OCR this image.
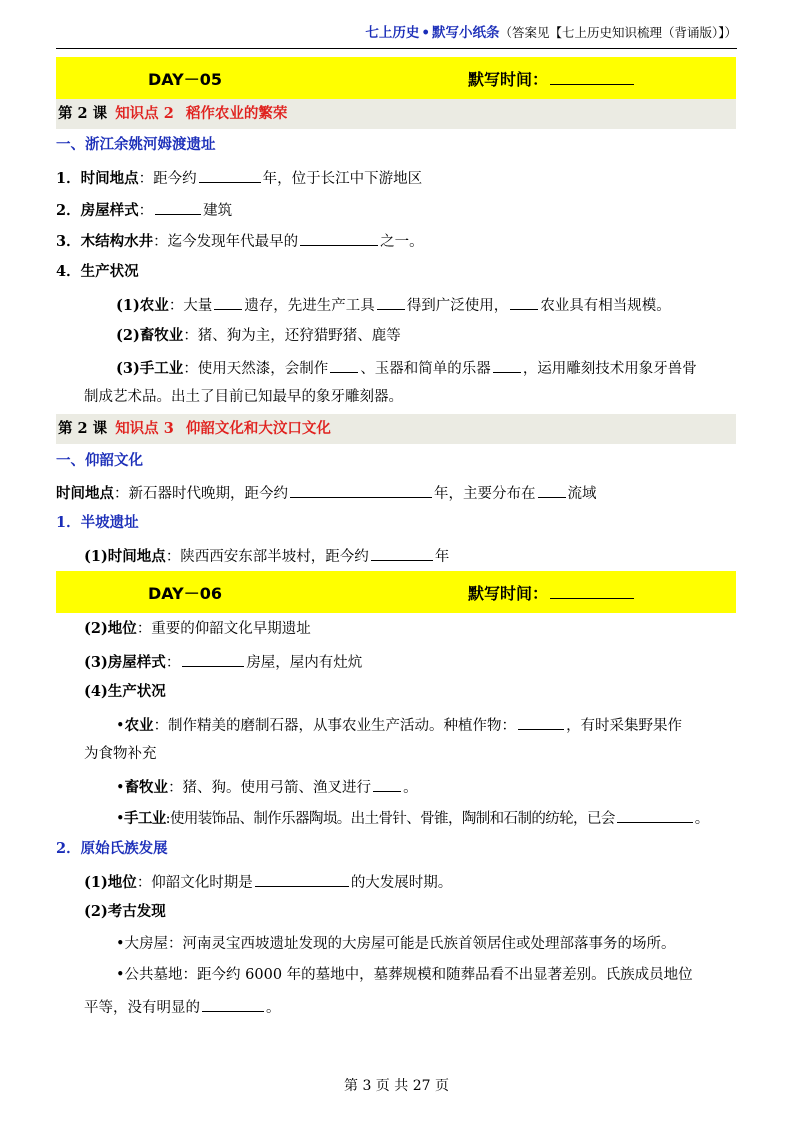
七上历史 • 默写小纸条（答案见【七上历史知识梳理（背诵版）】）
DAY－05	默写时间：
第 2 课 知识点 2 稻作农业的繁荣
一、浙江余姚河姆渡遗址
1．时间地点：距今约	年，位于长江中下游地区
2．房屋样式：	建筑
3．木结构水井：迄今发现年代最早的	之一。
4．生产状况
(1)农业：大量 遗存，先进生产工具 得到广泛使用， 农业具有相当规模。
(2)畜牧业：猪、狗为主，还狩猎野猪、鹿等
(3)手工业：使用天然漆，会制作 、玉器和简单的乐器 ，运用雕刻技术用象牙兽骨
制成艺术品。出土了目前已知最早的象牙雕刻器。
第 2 课 知识点 3 仰韶文化和大汶口文化
一、仰韶文化
时间地点：新石器时代晚期，距今约	年，主要分布在 流域
1．半坡遗址
(1)时间地点：陕西西安东部半坡村，距今约	年
DAY－06	默写时间：
(2)地位：重要的仰韶文化早期遗址
(3)房屋样式：	房屋，屋内有灶炕
(4)生产状况
•农业：制作精美的磨制石器，从事农业生产活动。种植作物：	，有时采集野果作
为食物补充
•畜牧业：猪、狗。使用弓箭、渔叉进行 。
•手工业:使用装饰品、制作乐器陶埙。出土骨针、骨锥，陶制和石制的纺轮，已会	。
2．原始氏族发展
(1)地位：仰韶文化时期是	的大发展时期。
(2)考古发现
•大房屋：河南灵宝西坡遗址发现的大房屋可能是氏族首领居住或处理部落事务的场所。
•公共墓地：距今约 6000 年的墓地中，墓葬规模和随葬品看不出显著差别。氏族成员地位
平等，没有明显的	。
第 3 页 共 27 页
